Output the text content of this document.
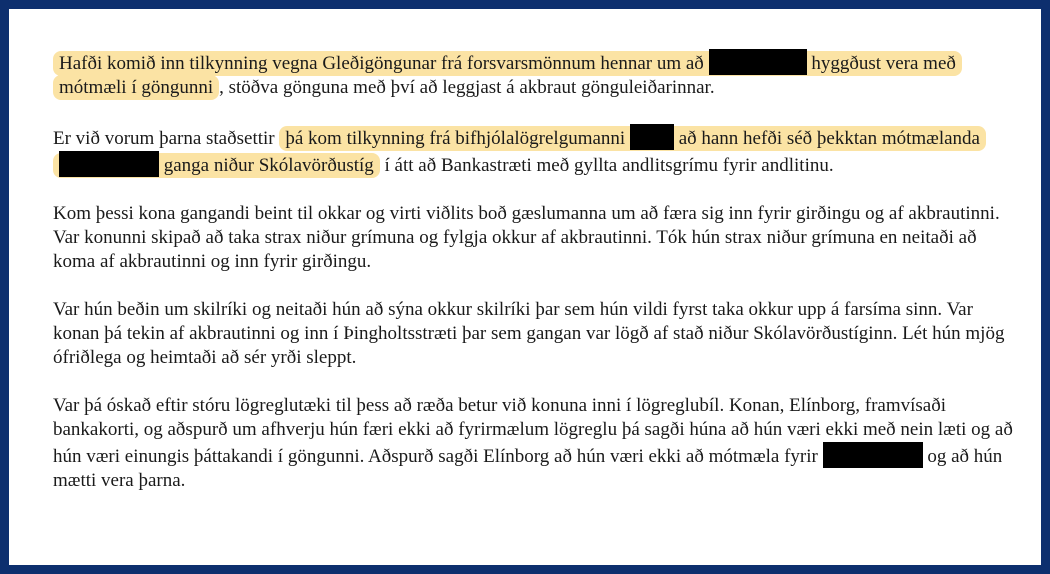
Hafði komið inn tilkynning vegna Gleðigöngunar frá forsvarsmönnum hennar um að	hyggðust vera með mótmæli í göngunni , stöðva gönguna með því að leggjast á akbraut gönguleiðarinnar.

Er við vorum þarna staðsettir þá kom tilkynning frá bifhjólalögrelgumanni	að hann hefði séð þekktan mótmælanda  ganga niður Skólavörðustíg í átt að Bankastræti með gyllta andlitsgrímu fyrir andlitinu.

Kom þessi kona gangandi beint til okkar og virti viðlits boð gæslumanna um að færa sig inn fyrir girðingu og af akbrautinni. Var konunni skipað að taka strax niður grímuna og fylgja okkur af akbrautinni. Tók hún strax niður grímuna en neitaði að koma af akbrautinni og inn fyrir girðingu.

Var hún beðin um skilríki og neitaði hún að sýna okkur skilríki þar sem hún vildi fyrst taka okkur upp á farsíma sinn. Var konan þá tekin af akbrautinni og inn í Þingholtsstræti þar sem gangan var lögð af stað niður Skólavörðustíginn. Lét hún mjög ófriðlega og heimtaði að sér yrði sleppt.

Var þá óskað eftir stóru lögreglutæki til þess að ræða betur við konuna inni í lögreglubíl. Konan, Elínborg, framvísaði bankakorti, og aðspurð um afhverju hún færi ekki að fyrirmælum lögreglu þá sagði húna að hún væri ekki með nein læti og að hún væri einungis þáttakandi í göngunni. Aðspurð sagði Elínborg að hún væri ekki að mótmæla fyrir	og að hún mætti vera þarna.
